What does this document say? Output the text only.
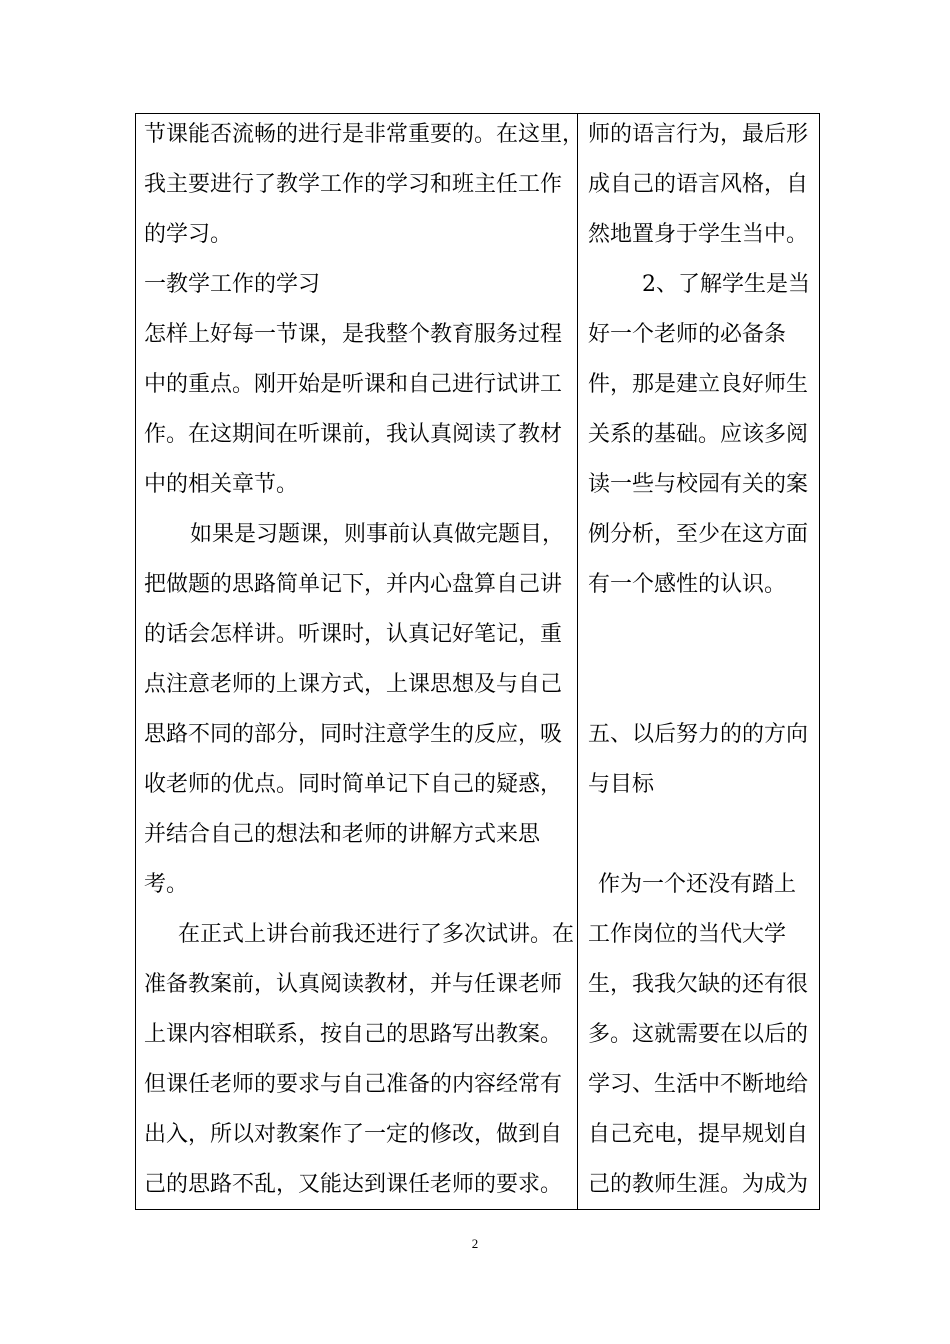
节课能否流畅的进行是非常重要的。在这里，
我主要进行了教学工作的学习和班主任工作
的学习。
一教学工作的学习
怎样上好每一节课，是我整个教育服务过程
中的重点。刚开始是听课和自己进行试讲工
作。在这期间在听课前，我认真阅读了教材
中的相关章节。
如果是习题课，则事前认真做完题目，
把做题的思路简单记下，并内心盘算自己讲
的话会怎样讲。听课时，认真记好笔记，重
点注意老师的上课方式，上课思想及与自己
思路不同的部分，同时注意学生的反应，吸
收老师的优点。同时简单记下自己的疑惑，
并结合自己的想法和老师的讲解方式来思
考。
在正式上讲台前我还进行了多次试讲。在
准备教案前，认真阅读教材，并与任课老师
上课内容相联系，按自己的思路写出教案。
但课任老师的要求与自己准备的内容经常有
出入，所以对教案作了一定的修改，做到自
己的思路不乱，又能达到课任老师的要求。
师的语言行为，最后形
成自己的语言风格，自
然地置身于学生当中。
2、了解学生是当
好一个老师的必备条
件，那是建立良好师生
关系的基础。应该多阅
读一些与校园有关的案
例分析，至少在这方面
有一个感性的认识。
五、以后努力的的方向
与目标
作为一个还没有踏上
工作岗位的当代大学
生，我我欠缺的还有很
多。这就需要在以后的
学习、生活中不断地给
自己充电，提早规划自
己的教师生涯。为成为
2
